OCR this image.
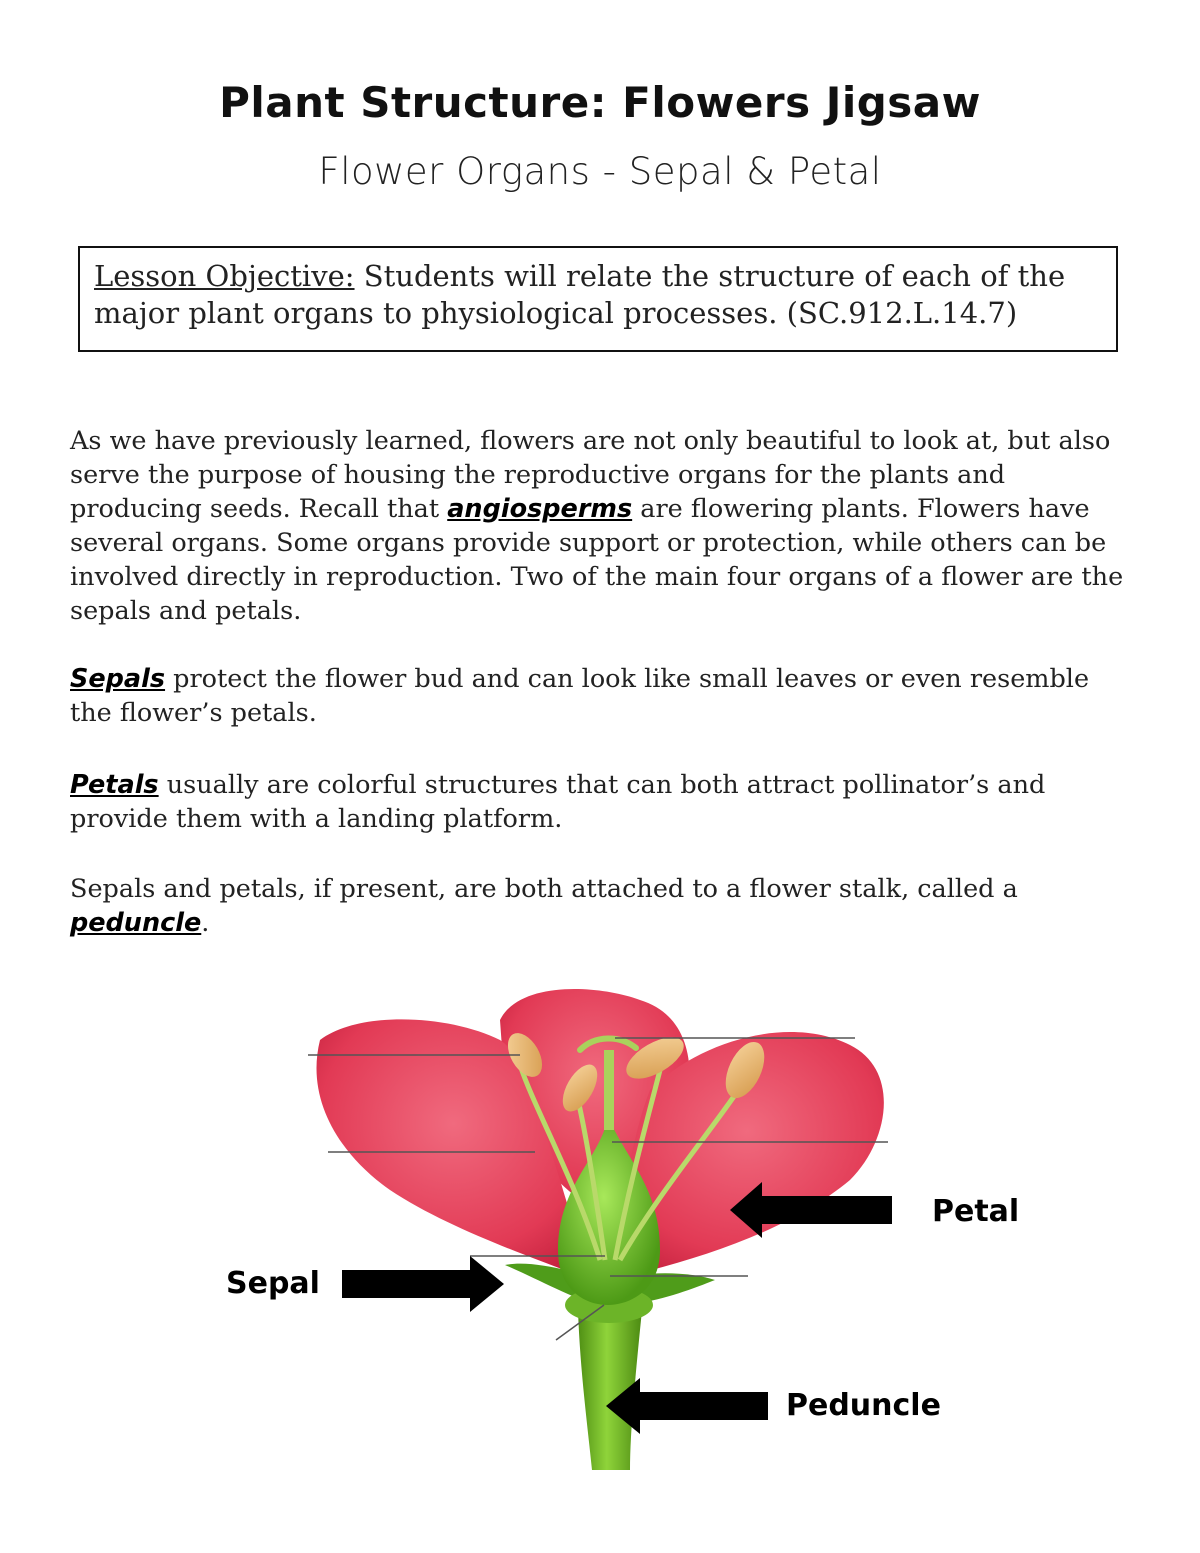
Plant Structure: Flowers Jigsaw
Flower Organs - Sepal & Petal
Lesson Objective: Students will relate the structure of each of the major plant organs to physiological processes. (SC.912.L.14.7)
As we have previously learned, flowers are not only beautiful to look at, but also serve the purpose of housing the reproductive organs for the plants and producing seeds. Recall that angiosperms are flowering plants. Flowers have several organs. Some organs provide support or protection, while others can be involved directly in reproduction. Two of the main four organs of a flower are the sepals and petals.
Sepals protect the flower bud and can look like small leaves or even resemble the flower’s petals.
Petals usually are colorful structures that can both attract pollinator’s and provide them with a landing platform.
Sepals and petals, if present, are both attached to a flower stalk, called a peduncle.
Petal
Sepal
Peduncle
